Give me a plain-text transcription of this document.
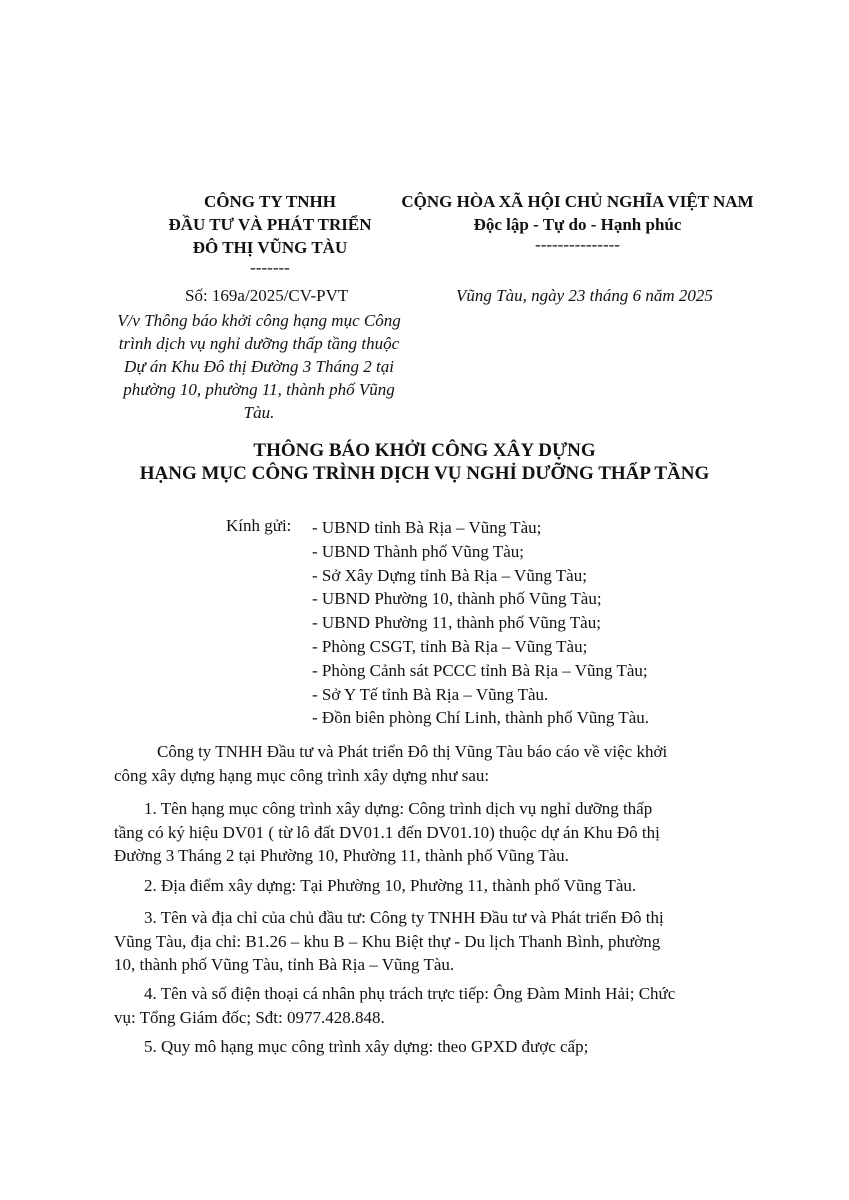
CÔNG TY TNHH
ĐẦU TƯ VÀ PHÁT TRIỂN
ĐÔ THỊ VŨNG TÀU
-------
CỘNG HÒA XÃ HỘI CHỦ NGHĨA VIỆT NAM
Độc lập - Tự do - Hạnh phúc
---------------
Số: 169a/2025/CV-PVT
V/v Thông báo khởi công hạng mục Công trình dịch vụ nghỉ dưỡng thấp tầng thuộc Dự án Khu Đô thị Đường 3 Tháng 2 tại phường 10, phường 11, thành phố Vũng Tàu.
Vũng Tàu, ngày 23 tháng 6 năm 2025
THÔNG BÁO KHỞI CÔNG XÂY DỰNG
HẠNG MỤC CÔNG TRÌNH DỊCH VỤ NGHỈ DƯỠNG THẤP TẦNG
Kính gửi: - UBND tỉnh Bà Rịa – Vũng Tàu;
- UBND Thành phố Vũng Tàu;
- Sở Xây Dựng tỉnh Bà Rịa – Vũng Tàu;
- UBND Phường 10, thành phố Vũng Tàu;
- UBND Phường 11, thành phố Vũng Tàu;
- Phòng CSGT, tỉnh Bà Rịa – Vũng Tàu;
- Phòng Cảnh sát PCCC tỉnh Bà Rịa – Vũng Tàu;
- Sở Y Tế tỉnh Bà Rịa – Vũng Tàu.
- Đồn biên phòng Chí Linh, thành phố Vũng Tàu.
Công ty TNHH Đầu tư và Phát triển Đô thị Vũng Tàu báo cáo về việc khởi
công xây dựng hạng mục công trình xây dựng như sau:
1. Tên hạng mục công trình xây dựng: Công trình dịch vụ nghỉ dưỡng thấp
tầng có ký hiệu DV01 ( từ lô đất DV01.1 đến DV01.10) thuộc dự án Khu Đô thị
Đường 3 Tháng 2 tại Phường 10, Phường 11, thành phố Vũng Tàu.
2. Địa điểm xây dựng: Tại Phường 10, Phường 11, thành phố Vũng Tàu.
3. Tên và địa chỉ của chủ đầu tư: Công ty TNHH Đầu tư và Phát triển Đô thị
Vũng Tàu, địa chỉ: B1.26 – khu B – Khu Biệt thự - Du lịch Thanh Bình, phường
10, thành phố Vũng Tàu, tỉnh Bà Rịa – Vũng Tàu.
4. Tên và số điện thoại cá nhân phụ trách trực tiếp: Ông Đàm Minh Hải; Chức
vụ: Tổng Giám đốc; Sđt: 0977.428.848.
5. Quy mô hạng mục công trình xây dựng: theo GPXD được cấp;
